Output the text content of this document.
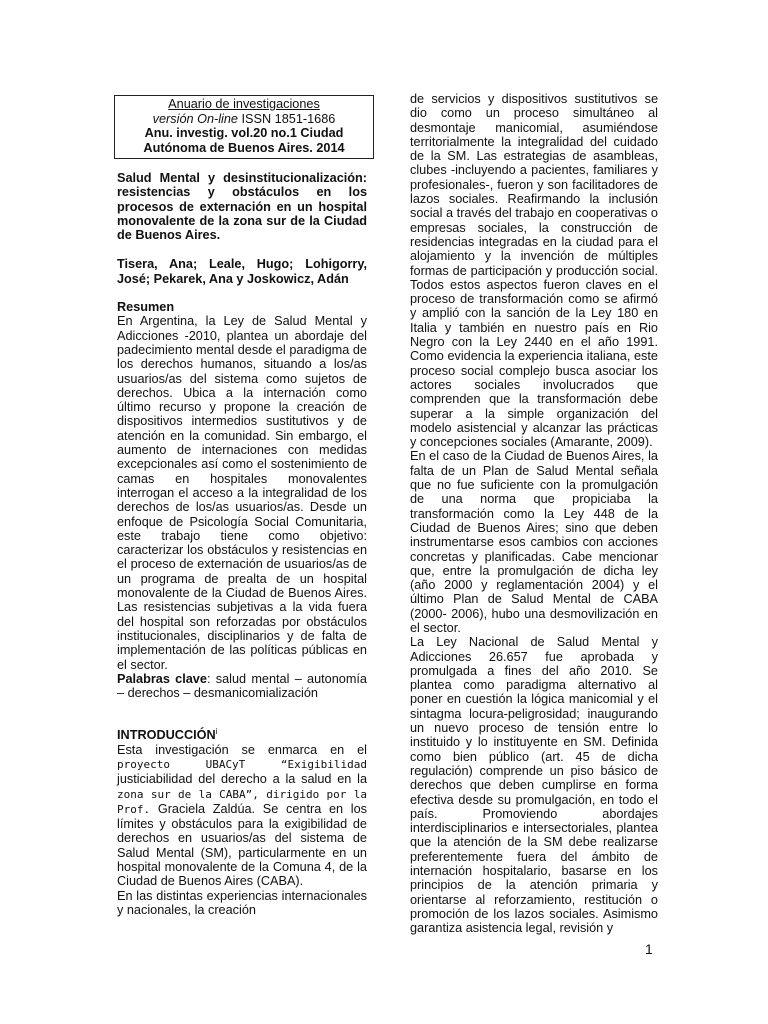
Anuario de investigaciones
versión On-line ISSN 1851-1686
Anu. investig. vol.20 no.1 Ciudad
Autónoma de Buenos Aires. 2014
Salud Mental y desinstitucionalización: resistencias y obstáculos en los procesos de externación en un hospital monovalente de la zona sur de la Ciudad de Buenos Aires.
Tisera, Ana; Leale, Hugo; Lohigorry, José; Pekarek, Ana y Joskowicz, Adán
Resumen

En Argentina, la Ley de Salud Mental y Adicciones -2010, plantea un abordaje del padecimiento mental desde el paradigma de los derechos humanos, situando a los/as usuarios/as del sistema como sujetos de derechos. Ubica a la internación como último recurso y propone la creación de dispositivos intermedios sustitutivos y de atención en la comunidad. Sin embargo, el aumento de internaciones con medidas excepcionales así como el sostenimiento de camas en hospitales monovalentes interrogan el acceso a la integralidad de los derechos de los/as usuarios/as. Desde un enfoque de Psicología Social Comunitaria, este trabajo tiene como objetivo: caracterizar los obstáculos y resistencias en el proceso de externación de usuarios/as de un programa de prealta de un hospital monovalente de la Ciudad de Buenos Aires. Las resistencias subjetivas a la vida fuera del hospital son reforzadas por obstáculos institucionales, disciplinarios y de falta de implementación de las políticas públicas en el sector.

Palabras clave: salud mental – autonomía – derechos – desmanicomialización

INTRODUCCIÓN$^i$

Esta investigación se enmarca en el proyecto UBACyT “Exigibilidad justiciabilidad del derecho a la salud en la zona sur de la CABA”, dirigido por la Prof. Graciela Zaldúa. Se centra en los límites y obstáculos para la exigibilidad de derechos en usuarios/as del sistema de Salud Mental (SM), particularmente en un hospital monovalente de la Comuna 4, de la Ciudad de Buenos Aires (CABA).

En las distintas experiencias internacionales y nacionales, la creación

de servicios y dispositivos sustitutivos se dio como un proceso simultáneo al desmontaje manicomial, asumiéndose territorialmente la integralidad del cuidado de la SM. Las estrategias de asambleas, clubes -incluyendo a pacientes, familiares y profesionales-, fueron y son facilitadores de lazos sociales. Reafirmando la inclusión social a través del trabajo en cooperativas o empresas sociales, la construcción de residencias integradas en la ciudad para el alojamiento y la invención de múltiples formas de participación y producción social. Todos estos aspectos fueron claves en el proceso de transformación como se afirmó y amplió con la sanción de la Ley 180 en Italia y también en nuestro país en Rio Negro con la Ley 2440 en el año 1991. Como evidencia la experiencia italiana, este proceso social complejo busca asociar los actores sociales involucrados que comprenden que la transformación debe superar a la simple organización del modelo asistencial y alcanzar las prácticas y concepciones sociales (Amarante, 2009).

En el caso de la Ciudad de Buenos Aires, la falta de un Plan de Salud Mental señala que no fue suficiente con la promulgación de una norma que propiciaba la transformación como la Ley 448 de la Ciudad de Buenos Aires; sino que deben instrumentarse esos cambios con acciones concretas y planificadas. Cabe mencionar que, entre la promulgación de dicha ley (año 2000 y reglamentación 2004) y el último Plan de Salud Mental de CABA (2000- 2006), hubo una desmovilización en el sector.

La Ley Nacional de Salud Mental y Adicciones 26.657 fue aprobada y promulgada a fines del año 2010. Se plantea como paradigma alternativo al poner en cuestión la lógica manicomial y el sintagma locura-peligrosidad; inaugurando un nuevo proceso de tensión entre lo instituido y lo instituyente en SM. Definida como bien público (art. 45 de dicha regulación) comprende un piso básico de derechos que deben cumplirse en forma efectiva desde su promulgación, en todo el país. Promoviendo abordajes interdisciplinarios e intersectoriales, plantea que la atención de la SM debe realizarse preferentemente fuera del ámbito de internación hospitalario, basarse en los principios de la atención primaria y orientarse al reforzamiento, restitución o promoción de los lazos sociales. Asimismo garantiza asistencia legal, revisión y

1
